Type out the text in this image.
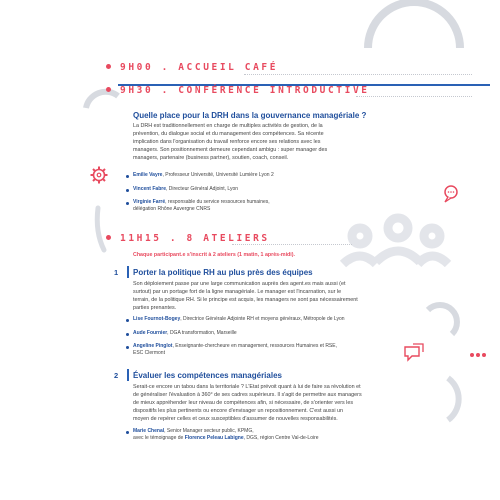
9H00 . ACCUEIL CAFÉ
9H30 . CONFÉRENCE INTRODUCTIVE
Quelle place pour la DRH dans la gouvernance managériale ?
La DRH est traditionnellement en charge de multiples activités de gestion, de la
prévention, du dialogue social et du management des compétences. Sa récente
implication dans l'organisation du travail renforce encore ses relations avec les
managers. Son positionnement demeure cependant ambigu : super manager des
managers, partenaire (business partner), soutien, coach, conseil.
Emilie Vayre, Professeur Université, Université Lumière Lyon 2
Vincent Fabre, Directeur Général Adjoint, Lyon
Virginie Farré, responsable du service ressources humaines,
délégation Rhône Auvergne CNRS
11H15 . 8 ATELIERS
Chaque participant.e s'inscrit à 2 ateliers (1 matin, 1 après-midi).
1 Porter la politique RH au plus près des équipes
Son déploiement passe par une large communication auprès des agent.es mais aussi (et
surtout) par un portage fort de la ligne managériale. Le manager est l'incarnation, sur le
terrain, de la politique RH. Si le principe est acquis, les managers ne sont pas nécessairement
parties prenantes.
Lise Fournot-Bogey, Directrice Générale Adjointe RH et moyens généraux, Métropole de Lyon
Aude Fournier, DGA transformation, Marseille
Angeline Pinglot, Enseignante-chercheure en management, ressources Humaines et RSE,
ESC Clermont
2 Évaluer les compétences managériales
Serait-ce encore un tabou dans la territoriale ? L'Etat prévoit quant à lui de faire sa révolution et
de généraliser l'évaluation à 360° de ses cadres supérieurs. Il s'agit de permettre aux managers
de mieux appréhender leur niveau de compétences afin, si nécessaire, de s'orienter vers les
dispositifs les plus pertinents ou encore d'envisager un repositionnement. C'est aussi un
moyen de repérer celles et ceux susceptibles d'assumer de nouvelles responsabilités.
Marie Chenal, Senior Manager secteur public, KPMG,
avec le témoignage de Florence Peleau Labigne, DGS, région Centre Val-de-Loire
